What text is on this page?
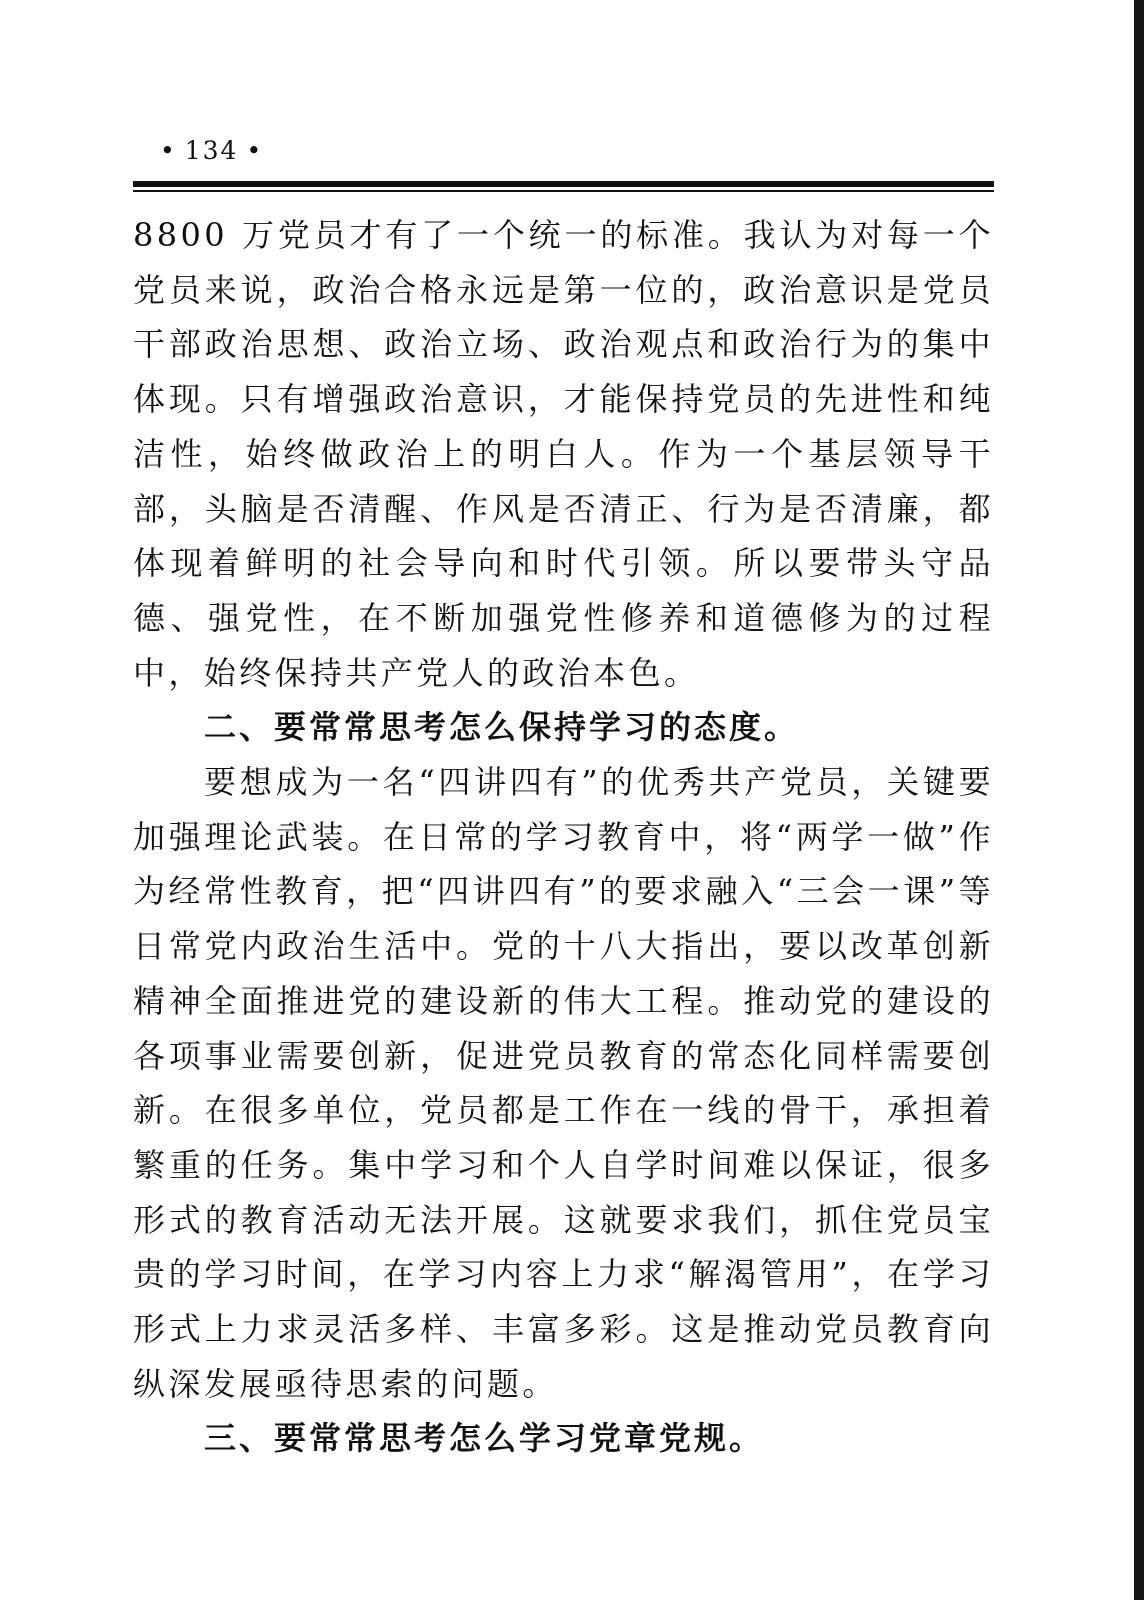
• 134 •

8800 万党员才有了一个统一的标准。我认为对每一个党员来说，政治合格永远是第一位的，政治意识是党员干部政治思想、政治立场、政治观点和政治行为的集中体现。只有增强政治意识，才能保持党员的先进性和纯洁性，始终做政治上的明白人。作为一个基层领导干部，头脑是否清醒、作风是否清正、行为是否清廉，都体现着鲜明的社会导向和时代引领。所以要带头守品德、强党性，在不断加强党性修养和道德修为的过程中，始终保持共产党人的政治本色。

二、要常常思考怎么保持学习的态度。

要想成为一名“四讲四有”的优秀共产党员，关键要加强理论武装。在日常的学习教育中，将“两学一做”作为经常性教育，把“四讲四有”的要求融入“三会一课”等日常党内政治生活中。党的十八大指出，要以改革创新精神全面推进党的建设新的伟大工程。推动党的建设的各项事业需要创新，促进党员教育的常态化同样需要创新。在很多单位，党员都是工作在一线的骨干，承担着繁重的任务。集中学习和个人自学时间难以保证，很多形式的教育活动无法开展。这就要求我们，抓住党员宝贵的学习时间，在学习内容上力求“解渴管用”，在学习形式上力求灵活多样、丰富多彩。这是推动党员教育向纵深发展亟待思索的问题。

三、要常常思考怎么学习党章党规。
